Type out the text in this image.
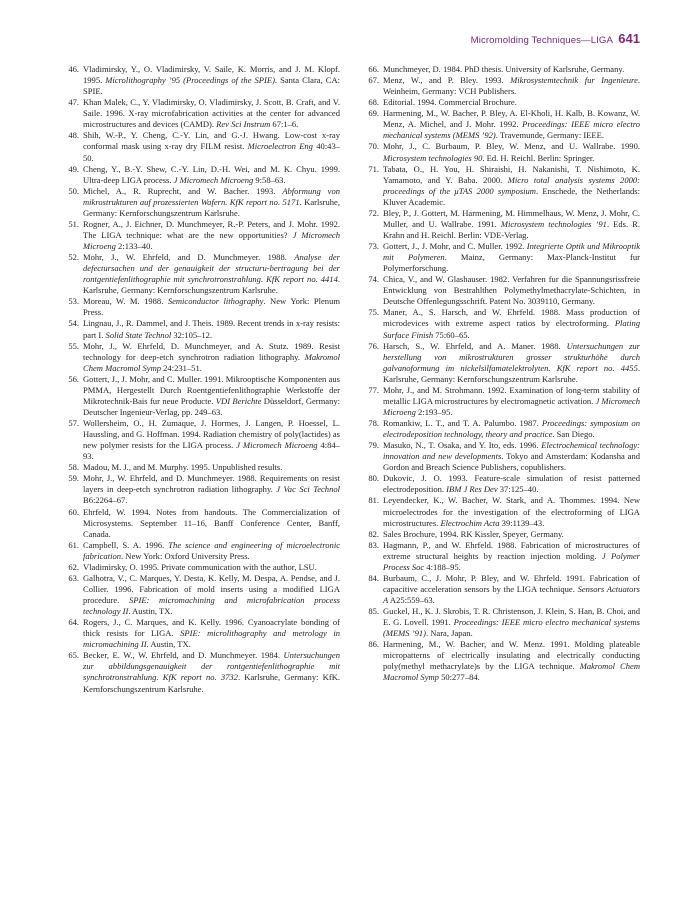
Micromolding Techniques—LIGA 641

46. Vladimirsky, Y., O. Vladimirsky, V. Saile, K. Morris, and J. M. Klopf. 1995. Microlithography ’95 (Proceedings of the SPIE). Santa Clara, CA: SPIE.

47. Khan Malek, C., Y. Vladimirsky, O. Vladimirsky, J. Scott, B. Craft, and V. Saile. 1996. X-ray microfabrication activities at the center for advanced microstructures and devices (CAMD). Rev Sci Instrum 67:1–6.

48. Shih, W.-P., Y. Cheng, C.-Y. Lin, and G.-J. Hwang. Low-cost x-ray conformal mask using x-ray dry FILM resist. Microelectron Eng 40:43–50.

49. Cheng, Y., B.-Y. Shew, C.-Y. Lin, D.-H. Wei, and M. K. Chyu. 1999. Ultra-deep LIGA process. J Micromech Microeng 9:58–63.

50. Michel, A., R. Ruprecht, and W. Bacher. 1993. Abformung von mikrostrukturen auf prozessierten Wafern. KfK report no. 5171. Karlsruhe, Germany: Kernforschungszentrum Karlsruhe.

51. Rogner, A., J. Eichner, D. Munchmeyer, R.-P. Peters, and J. Mohr. 1992. The LIGA technique: what are the new opportunities? J Micromech Microeng 2:133–40.

52. Mohr, J., W. Ehrfeld, and D. Munchmeyer. 1988. Analyse der defectursachen und der genauigkeit der structuru-bertragung bei der rontgentiefenlithographie mit synchrotronstrahlung. KfK report no. 4414. Karlsruhe, Germany: Kernforschungszentrum Karlsruhe.

53. Moreau, W. M. 1988. Semiconductor lithography. New York: Plenum Press.

54. Lingnau, J., R. Dammel, and J. Theis. 1989. Recent trends in x-ray resists: part I. Solid State Technol 32:105–12.

55. Mohr, J., W. Ehrfeld, D. Munchmeyer, and A. Stutz. 1989. Resist technology for deep-etch synchrotron radiation lithography. Makromol Chem Macromol Symp 24:231–51.

56. Gottert, J., J. Mohr, and C. Muller. 1991. Mikrooptische Komponenten aus PMMA, Hergestellt Durch Roentgentiefenlithographie Werkstoffe der Mikrotechnik-Bais fur neue Producte. VDI Berichte Düsseldorf, Germany: Deutscher Ingenieur-Verlag, pp. 249–63.

57. Wollersheim, O., H. Zumaque, J. Hormes, J. Langen, P. Hoessel, L. Haussling, and G. Hoffman. 1994. Radiation chemistry of poly(lactides) as new polymer resists for the LIGA process. J Micromech Microeng 4:84–93.

58. Madou, M. J., and M. Murphy. 1995. Unpublished results.

59. Mohr, J., W. Ehrfeld, and D. Munchmeyer. 1988. Requirements on resist layers in deep-etch synchrotron radiation lithography. J Vac Sci Technol B6:2264–67.

60. Ehrfeld, W. 1994. Notes from handouts. The Commercialization of Microsystems. September 11–16, Banff Conference Center, Banff, Canada.

61. Campbell, S. A. 1996. The science and engineering of microelectronic fabrication. New York: Oxford University Press.

62. Vladimirsky, O. 1995. Private communication with the author, LSU.

63. Galhotra, V., C. Marques, Y. Desta, K. Kelly, M. Despa, A. Pendse, and J. Collier. 1996. Fabrication of mold inserts using a modified LIGA procedure. SPIE: micromachining and microfabrication process technology II. Austin, TX.

64. Rogers, J., C. Marques, and K. Kelly. 1996. Cyanoacrylate bonding of thick resists for LIGA. SPIE: microlithography and metrology in micromachining II. Austin, TX.

65. Becker, E. W., W. Ehrfeld, and D. Munchmeyer. 1984. Untersuchungen zur abbildungsgenauigkeit der rontgentiefenlithographie mit synchrotronstrahlung. KfK report no. 3732. Karlsruhe, Germany: KfK. Kernforschungszentrum Karlsruhe.

66. Munchmeyer, D. 1984. PhD thesis. University of Karlsruhe, Germany.

67. Menz, W., and P. Bley. 1993. Mikrosystemtechnik fur Ingenieure. Weinheim, Germany: VCH Publishers.

68. Editorial. 1994. Commercial Brochure.

69. Harmening, M., W. Bacher, P. Bley, A. El-Kholi, H. Kalb, B. Kowanz, W. Menz, A. Michel, and J. Mohr. 1992. Proceedings: IEEE micro electro mechanical systems (MEMS ’92). Travemunde, Germany: IEEE.

70. Mohr, J., C. Burbaum, P. Bley, W. Menz, and U. Wallrabe. 1990. Microsystem technologies 90. Ed. H. Reichl. Berlin: Springer.

71. Tabata, O., H. You, H. Shiraishi, H. Nakanishi, T. Nishimoto, K. Yamamoto, and Y. Baba. 2000. Micro total analysis systems 2000: proceedings of the μTAS 2000 symposium. Enschede, the Netherlands: Kluver Academic.

72. Bley, P., J. Gottert, M. Harmening, M. Himmelhaus, W. Menz, J. Mohr, C. Muller, and U. Wallrabe. 1991. Microsystem technologies ’91. Eds. R. Krahn and H. Reichl. Berlin: VDE-Verlag.

73. Gottert, J., J. Mohr, and C. Muller. 1992. Integrierte Optik und Mikrooptik mit Polymeren. Mainz, Germany: Max-Planck-Institut fur Polymerforschung.

74. Chica, V., and W. Glashauser. 1982. Verfahren fur die Spannungsrissfreie Entwicklung von Bestrahlthen Polymethylmethacrylate-Schichten, in Deutsche Offenlegungsschrift. Patent No. 3039110, Germany.

75. Maner, A., S. Harsch, and W. Ehrfeld. 1988. Mass production of microdevices with extreme aspect ratios by electroforming. Plating Surface Finish 75:60–65.

76. Harsch, S., W. Ehrfeld, and A. Maner. 1988. Untersuchungen zur herstellung von mikrostrukturen grosser strukturhöhe durch galvanoformung im nickelsilfamatelektrolyten. KfK report no. 4455. Karlsruhe, Germany: Kernforschungszentrum Karlsruhe.

77. Mohr, J., and M. Strohmann. 1992. Examination of long-term stability of metallic LIGA microstructures by electromagnetic activation. J Micromech Microeng 2:193–95.

78. Romankiw, L. T., and T. A. Palumbo. 1987. Proceedings: symposium on electrodeposition technology, theory and practice. San Diego.

79. Masuko, N., T. Osaka, and Y. Ito, eds. 1996. Electrochemical technology: innovation and new developments. Tokyo and Amsterdam: Kodansha and Gordon and Breach Science Publishers, copublishers.

80. Dukovic, J. O. 1993. Feature-scale simulation of resist patterned electrodeposition. IBM J Res Dev 37:125–40.

81. Leyendecker, K., W. Bacher, W. Stark, and A. Thommes. 1994. New microelectrodes for the investigation of the electroforming of LIGA microstructures. Electrochim Acta 39:1139–43.

82. Sales Brochure, 1994. RK Kissler, Speyer, Germany.

83. Hagmann, P., and W. Ehrfeld. 1988. Fabrication of microstructures of extreme structural heights by reaction injection molding. J Polymer Process Soc 4:188–95.

84. Burbaum, C., J. Mohr, P. Bley, and W. Ehrfeld. 1991. Fabrication of capacitive acceleration sensors by the LIGA technique. Sensors Actuators A A25:559–63.

85. Guckel, H., K. J. Skrobis, T. R. Christenson, J. Klein, S. Han, B. Choi, and E. G. Lovell. 1991. Proceedings: IEEE micro electro mechanical systems (MEMS ’91). Nara, Japan.

86. Harmening, M., W. Bacher, and W. Menz. 1991. Molding plateable micropatterns of electrically insulating and electrically conducting poly(methyl methacrylate)s by the LIGA technique. Makromol Chem Macromol Symp 50:277–84.
